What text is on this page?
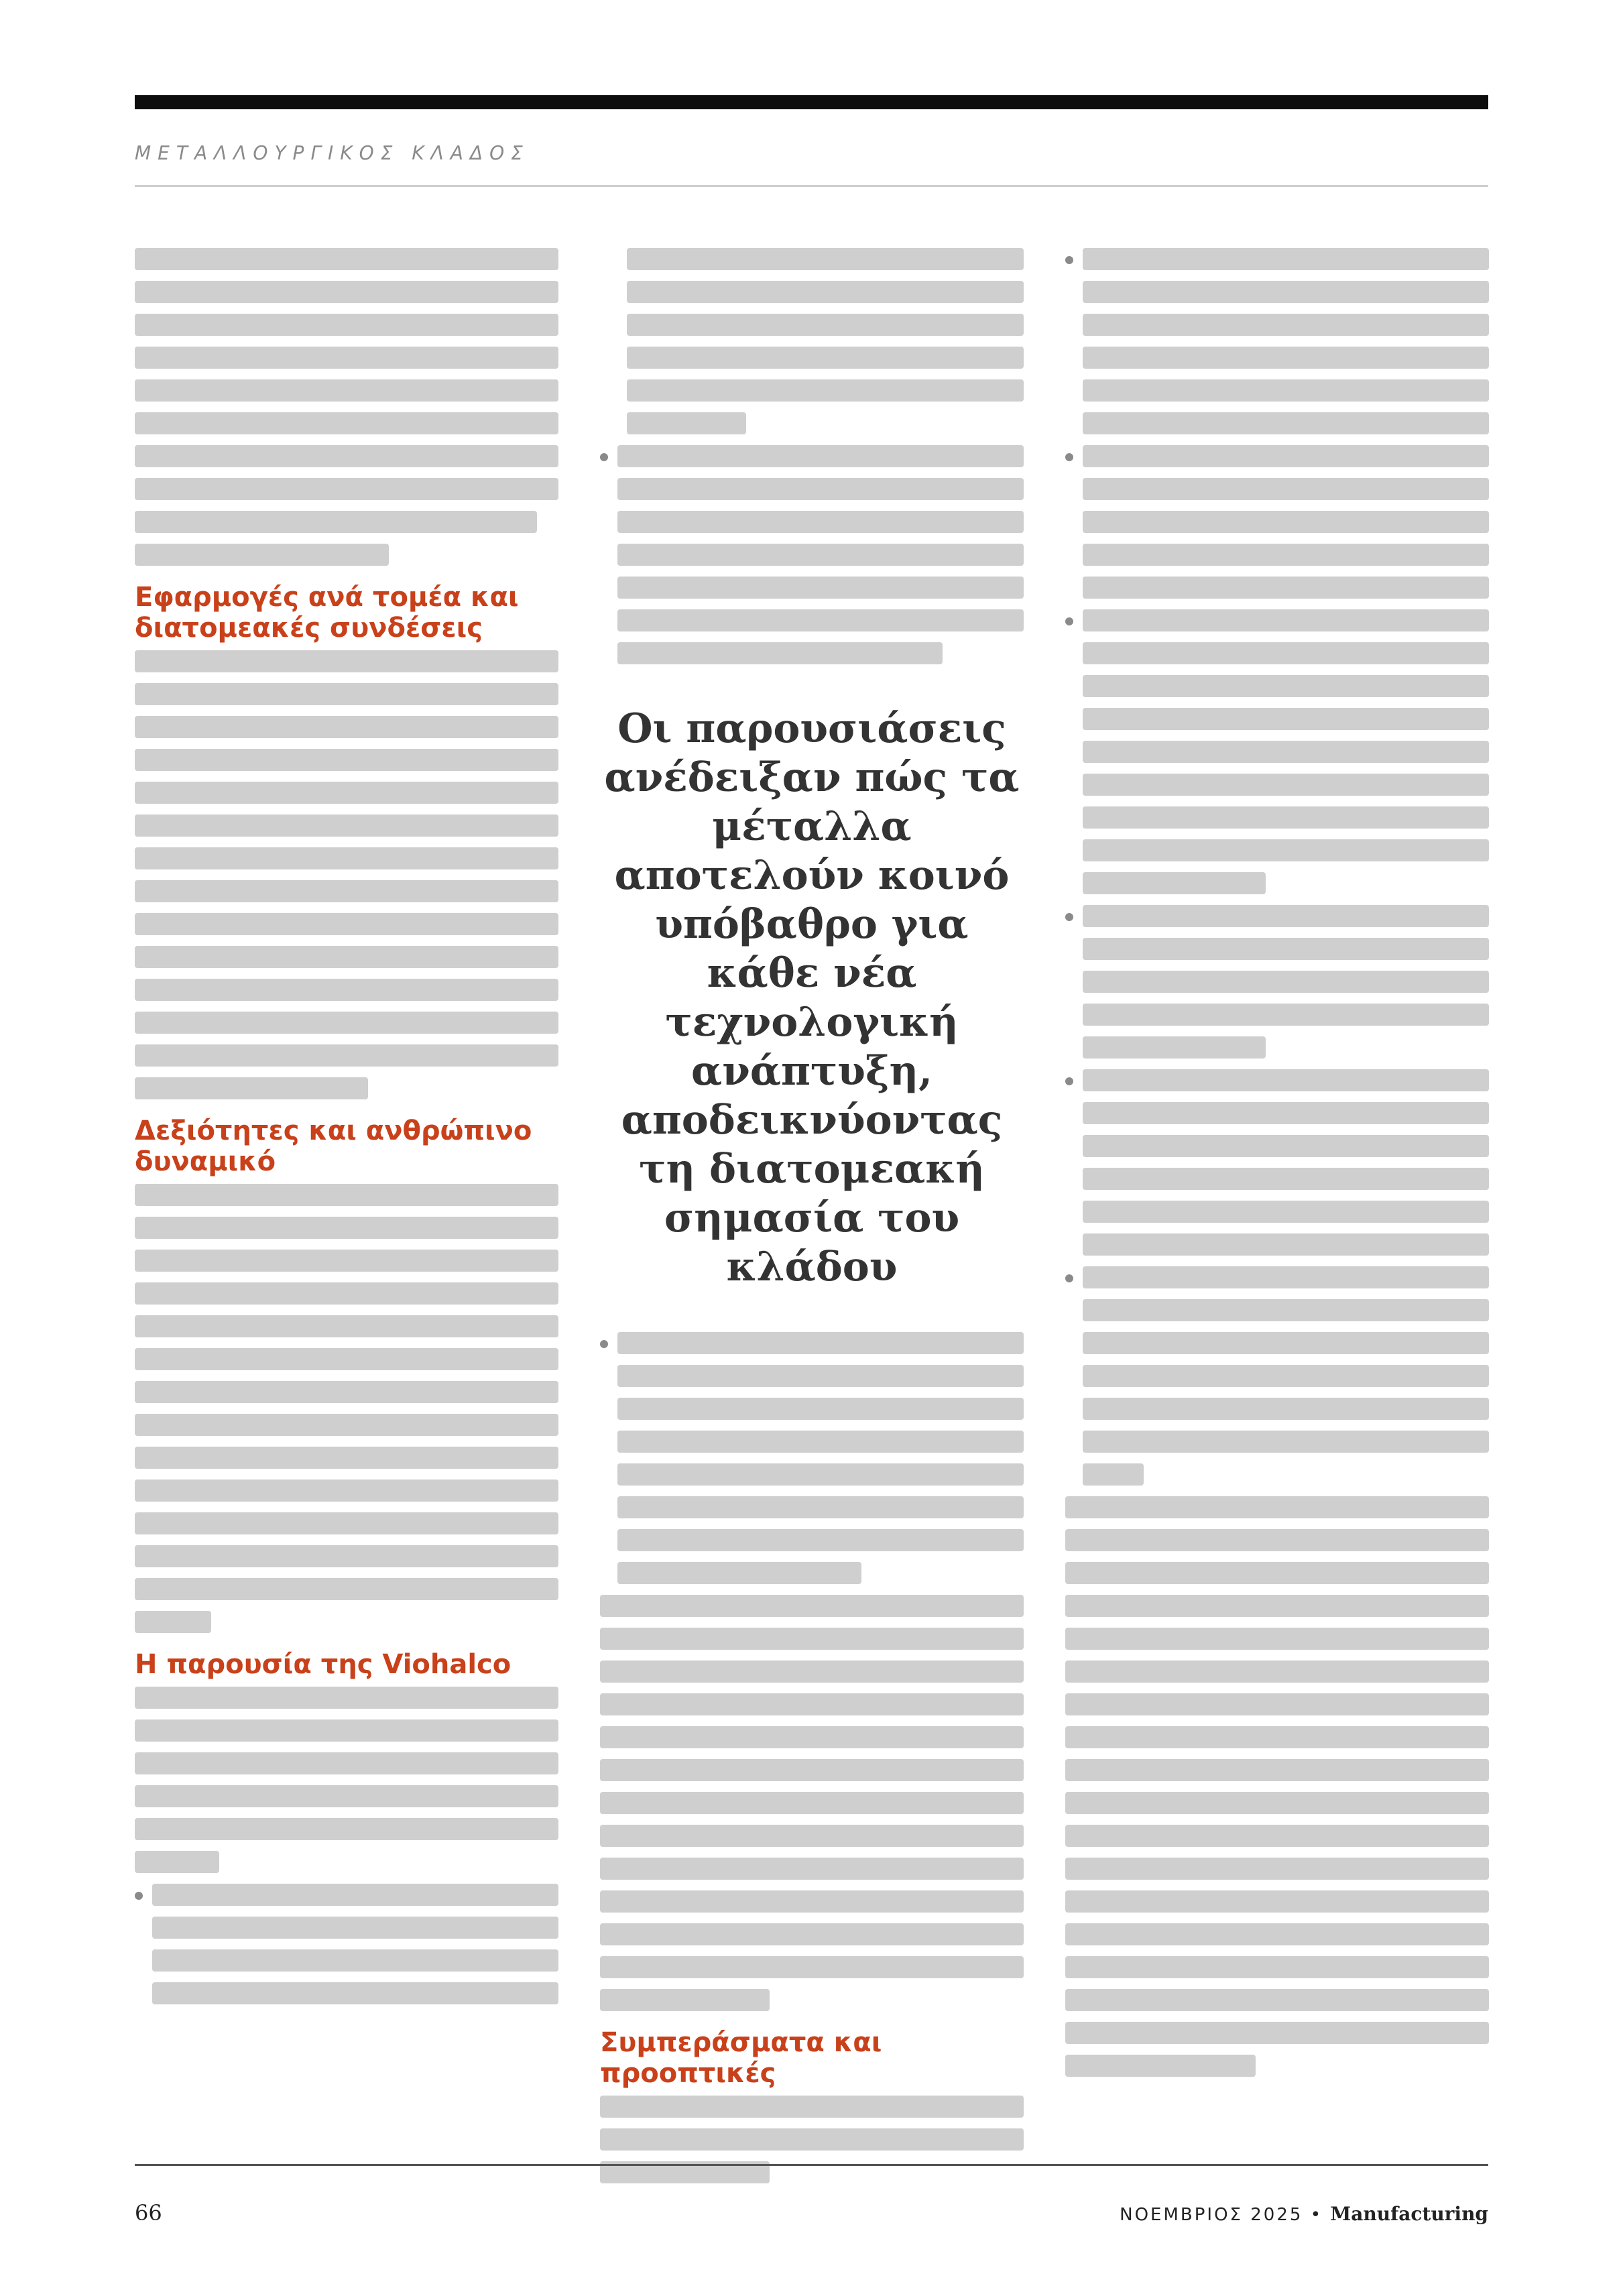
ΜΕΤΑΛΛΟΥΡΓΙΚΟΣ ΚΛΑΔΟΣ
Εφαρμογές ανά τομέα και διατομεακές συνδέσεις
Δεξιότητες και ανθρώπινο δυναμικό
Η παρουσία της Viohalco
Οι παρουσιάσεις ανέδειξαν πώς τα μέταλλα αποτελούν κοινό υπόβαθρο για κάθε νέα τεχνολογική ανάπτυξη, αποδεικνύοντας τη διατομεακή σημασία του κλάδου
Συμπεράσματα και προοπτικές
66	ΝΟΕΜΒΡΙΟΣ 2025 • Manufacturing
